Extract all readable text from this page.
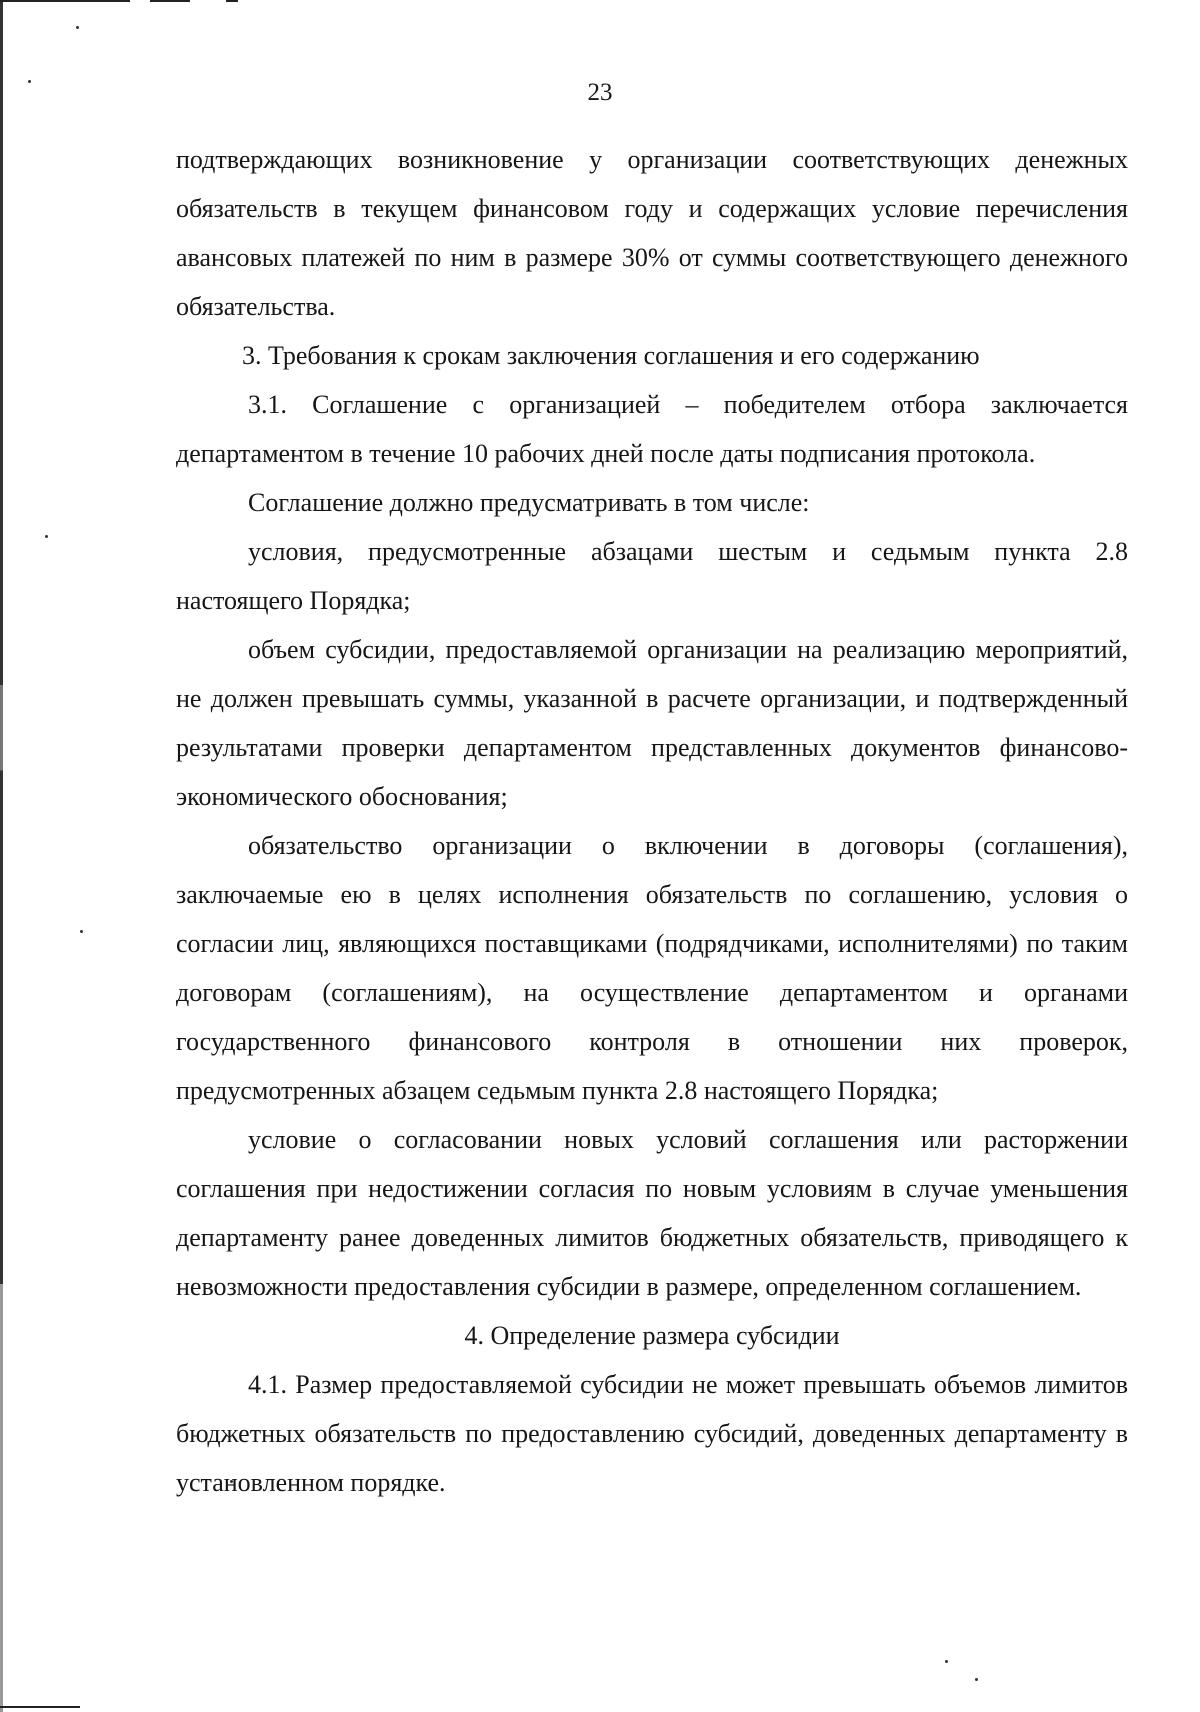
23

подтверждающих возникновение у организации соответствующих денежных обязательств в текущем финансовом году и содержащих условие перечисления авансовых платежей по ним в размере 30% от суммы соответствующего денежного обязательства.

3. Требования к срокам заключения соглашения и его содержанию

3.1. Соглашение с организацией – победителем отбора заключается департаментом в течение 10 рабочих дней после даты подписания протокола.

Соглашение должно предусматривать в том числе:

условия, предусмотренные абзацами шестым и седьмым пункта 2.8 настоящего Порядка;

объем субсидии, предоставляемой организации на реализацию мероприятий, не должен превышать суммы, указанной в расчете организации, и подтвержденный результатами проверки департаментом представленных документов финансово-экономического обоснования;

обязательство организации о включении в договоры (соглашения), заключаемые ею в целях исполнения обязательств по соглашению, условия о согласии лиц, являющихся поставщиками (подрядчиками, исполнителями) по таким договорам (соглашениям), на осуществление департаментом и органами государственного финансового контроля в отношении них проверок, предусмотренных абзацем седьмым пункта 2.8 настоящего Порядка;

условие о согласовании новых условий соглашения или расторжении соглашения при недостижении согласия по новым условиям в случае уменьшения департаменту ранее доведенных лимитов бюджетных обязательств, приводящего к невозможности предоставления субсидии в размере, определенном соглашением.

4. Определение размера субсидии

4.1. Размер предоставляемой субсидии не может превышать объемов лимитов бюджетных обязательств по предоставлению субсидий, доведенных департаменту в установленном порядке.
